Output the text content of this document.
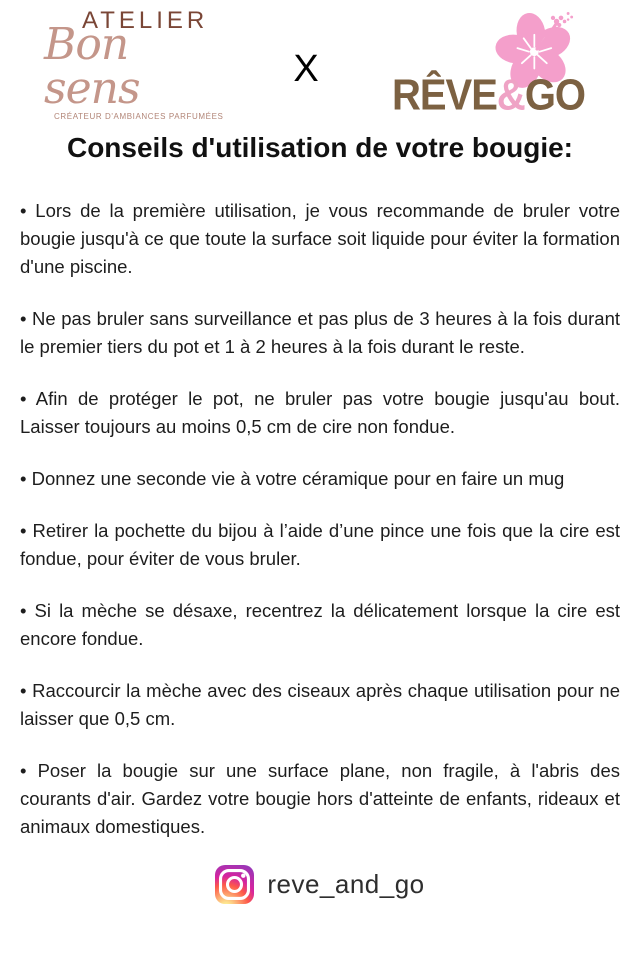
ATELIER
Bon sens
CRÉATEUR D'AMBIANCES PARFUMÉES
X
RÊVE&GO
Conseils d'utilisation de votre bougie:

• Lors de la première utilisation, je vous recommande de bruler votre bougie jusqu'à ce que toute la surface soit liquide pour éviter la formation d'une piscine.

• Ne pas bruler sans surveillance et pas plus de 3 heures à la fois durant le premier tiers du pot et 1 à 2 heures à la fois durant le reste.

• Afin de protéger le pot, ne bruler pas votre bougie jusqu'au bout. Laisser toujours au moins 0,5 cm de cire non fondue.

• Donnez une seconde vie à votre céramique pour en faire un mug

• Retirer la pochette du bijou à l’aide d’une pince une fois que la cire est fondue, pour éviter de vous bruler.

• Si la mèche se désaxe, recentrez la délicatement lorsque la cire est encore fondue.

• Raccourcir la mèche avec des ciseaux après chaque utilisation pour ne laisser que 0,5 cm.

• Poser la bougie sur une surface plane, non fragile, à l'abris des courants d'air. Gardez votre bougie hors d'atteinte de enfants, rideaux et animaux domestiques.

reve_and_go
